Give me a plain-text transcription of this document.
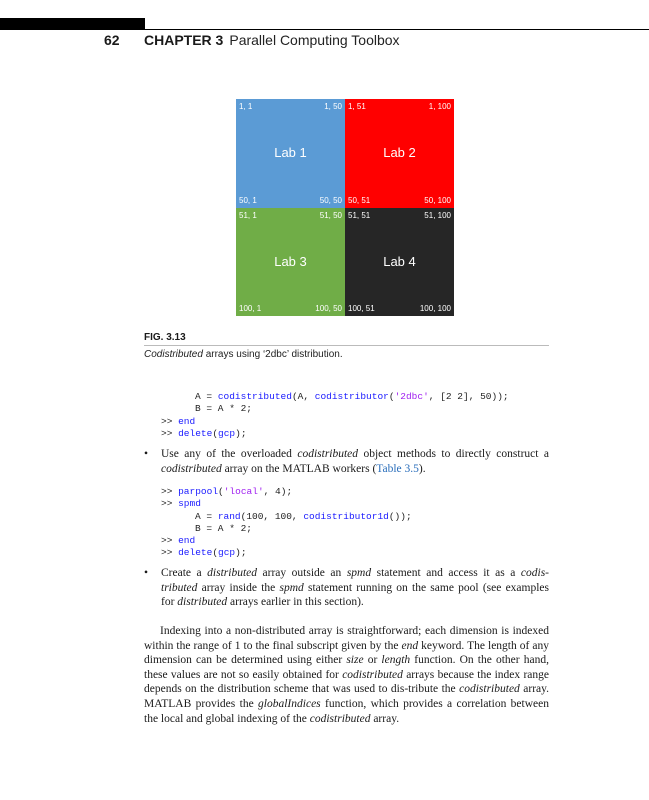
62	CHAPTER 3 Parallel Computing Toolbox
1, 1	1, 50
Lab 1
50, 1	50, 50
1, 51	1, 100
Lab 2
50, 51	50, 100
51, 1	51, 50
Lab 3
100, 1	100, 50
51, 51	51, 100
Lab 4
100, 51	100, 100
FIG. 3.13
Codistributed arrays using ‘2dbc’ distribution.
A = codistributed(A, codistributor('2dbc', [2 2], 50));
B = A * 2;
>> end
>> delete(gcp);
• Use any of the overloaded codistributed object methods to directly construct a codistributed array on the MATLAB workers (Table 3.5).
>> parpool('local', 4);
>> spmd
A = rand(100, 100, codistributor1d());
B = A * 2;
>> end
>> delete(gcp);
• Create a distributed array outside an spmd statement and access it as a codis-tributed array inside the spmd statement running on the same pool (see examples for distributed arrays earlier in this section).
Indexing into a non-distributed array is straightforward; each dimension is indexed within the range of 1 to the final subscript given by the end keyword. The length of any dimension can be determined using either size or length function. On the other hand, these values are not so easily obtained for codistributed arrays because the index range depends on the distribution scheme that was used to dis-tribute the codistributed array. MATLAB provides the globalIndices function, which provides a correlation between the local and global indexing of the codistributed array.
